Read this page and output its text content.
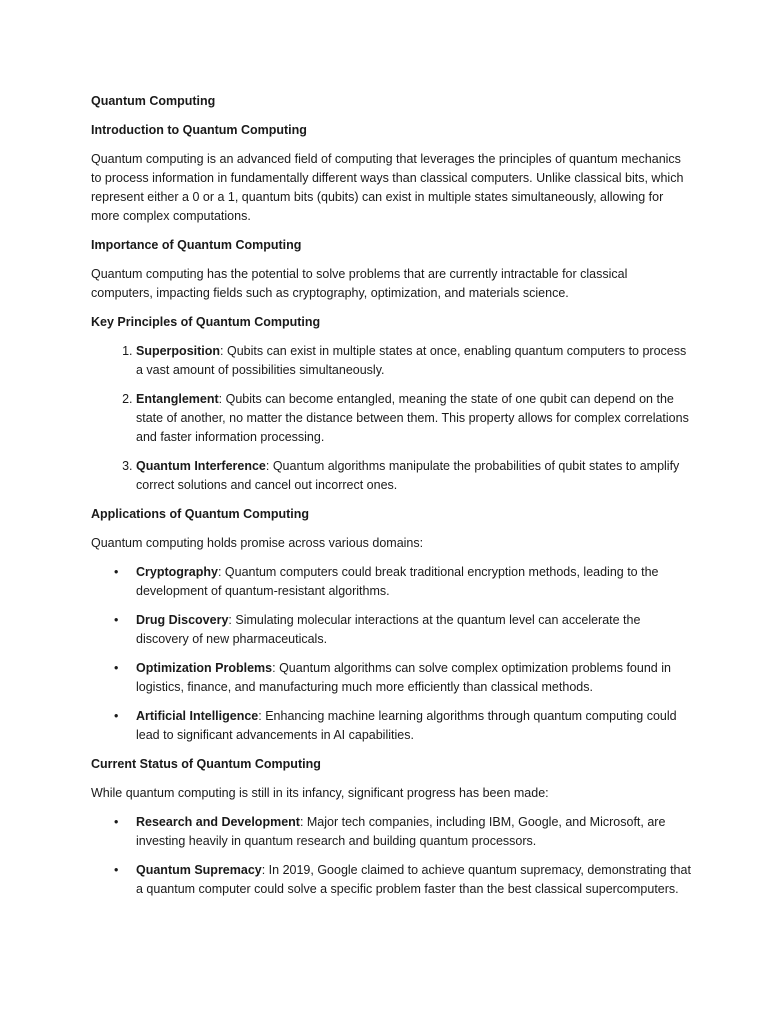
Quantum Computing

Introduction to Quantum Computing

Quantum computing is an advanced field of computing that leverages the principles of quantum mechanics to process information in fundamentally different ways than classical computers. Unlike classical bits, which represent either a 0 or a 1, quantum bits (qubits) can exist in multiple states simultaneously, allowing for more complex computations.

Importance of Quantum Computing

Quantum computing has the potential to solve problems that are currently intractable for classical computers, impacting fields such as cryptography, optimization, and materials science.

Key Principles of Quantum Computing

1. Superposition: Qubits can exist in multiple states at once, enabling quantum computers to process a vast amount of possibilities simultaneously.
2. Entanglement: Qubits can become entangled, meaning the state of one qubit can depend on the state of another, no matter the distance between them. This property allows for complex correlations and faster information processing.
3. Quantum Interference: Quantum algorithms manipulate the probabilities of qubit states to amplify correct solutions and cancel out incorrect ones.

Applications of Quantum Computing

Quantum computing holds promise across various domains:

• Cryptography: Quantum computers could break traditional encryption methods, leading to the development of quantum-resistant algorithms.
• Drug Discovery: Simulating molecular interactions at the quantum level can accelerate the discovery of new pharmaceuticals.
• Optimization Problems: Quantum algorithms can solve complex optimization problems found in logistics, finance, and manufacturing much more efficiently than classical methods.
• Artificial Intelligence: Enhancing machine learning algorithms through quantum computing could lead to significant advancements in AI capabilities.

Current Status of Quantum Computing

While quantum computing is still in its infancy, significant progress has been made:

• Research and Development: Major tech companies, including IBM, Google, and Microsoft, are investing heavily in quantum research and building quantum processors.
• Quantum Supremacy: In 2019, Google claimed to achieve quantum supremacy, demonstrating that a quantum computer could solve a specific problem faster than the best classical supercomputers.
